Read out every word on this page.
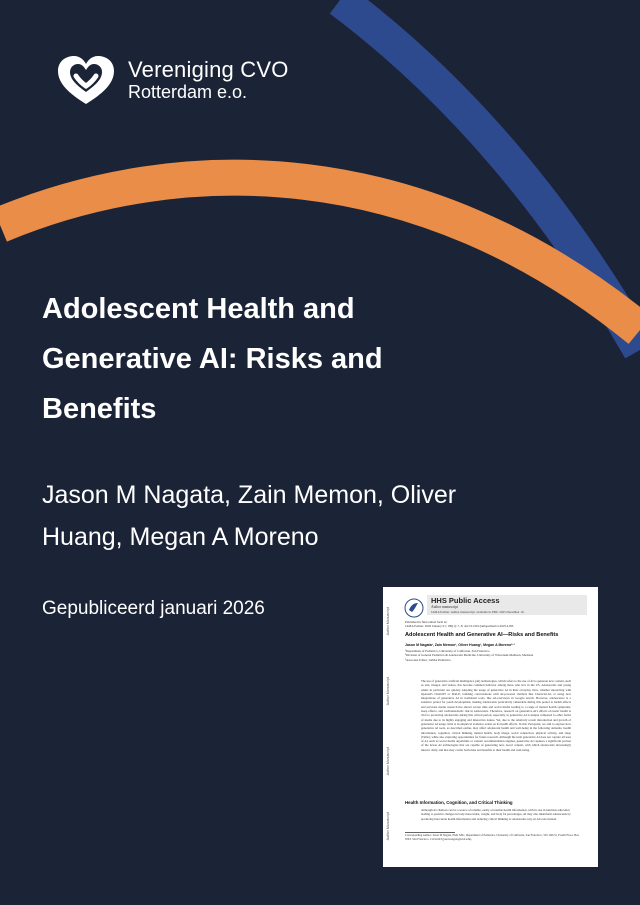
Vereniging CVO
Rotterdam e.o.
Adolescent Health and Generative AI: Risks and Benefits
Jason M Nagata, Zain Memon, Oliver Huang, Megan A Moreno
Gepubliceerd januari 2026	Author Manuscript
Author Manuscript
Author Manuscript
Author Manuscript
HHS Public Access
Author manuscript
JAMA Pediatr. Author manuscript; available in PMC 2025 December 16.
Published in final edited form as:
JAMA Pediatr. 2026 January 01; 180(1): 7–8. doi:10.1001/jamapediatrics.2025.4183.
Adolescent Health and Generative AI—Risks and Benefits
Jason M Nagata¹, Zain Memon¹, Oliver Huang¹, Megan A Moreno²·³
¹Department of Pediatrics, University of California, San Francisco
²Division of General Pediatrics & Adolescent Medicine, University of Wisconsin-Madison, Madison
³Associate Editor, JAMA Pediatrics.
The use of generative artificial intelligence (AI) technologies, which refers to the use of AI to generate new content, such as text, images, and videos, has become common behavior among those who live in the US. Adolescents and young adults in particular are quickly adopting the usage of generative AI in their everyday lives, whether interacting with OpenAI's ChatGPT or Dall-E, building conversations with AI-powered chatbots like Character.AI, or using new integrations of generative AI in traditional tools, like AI-overviews in Google search. However, adolescence is a sensitive period for youth development, making adolescents particularly vulnerable during this period to health effects and previous media research has shown screen time and social media leading to a range of mental health symptoms, sleep effects, and cardiometabolic risk in adolescents. Therefore, research on generative AI's effects on teens' health is vital to protecting adolescents during this critical period, especially as generative AI is unique compared to other forms of media due to its highly engaging and interactive nature. Yet, due to the relatively recent introduction and growth of generative AI usage, little is in empirical evidence exists on its health effects. In this Viewpoint, we aim to explore how generative AI tools, as described earlier, may affect adolescent health and well-being in the following domains: health information, cognition, critical thinking, mental health, body image, social connection, physical activity, and sleep (Table), while also exploring opportunities for future research. Although the term generative AI does not capture all uses of AI, such as social media algorithms or content recommendation engines, generative AI captures a significant portion of the newer AI technologies that are capable of generating new, novel content, with which adolescents increasingly interact daily, and that may confer both risks and benefits to their health and well-being.
Health Information, Cognition, and Critical Thinking
Although AI chatbots can be a source of reliable, easily accessible health information, with its use in nutrition education leading to positive changes in body mass index, weight, and body fat percentages, AI may also misinform adolescents by producing inaccurate health information and reducing critical thinking as adolescents rely on AI tools instead.
Corresponding Author: Jason M Nagata, PhD, MSc, Department of Pediatrics, University of California, San Francisco, 550 16th St, Fourth Floor, Box 0503, San Francisco, CA 94143 (jason.nagata@ucsf.edu).
